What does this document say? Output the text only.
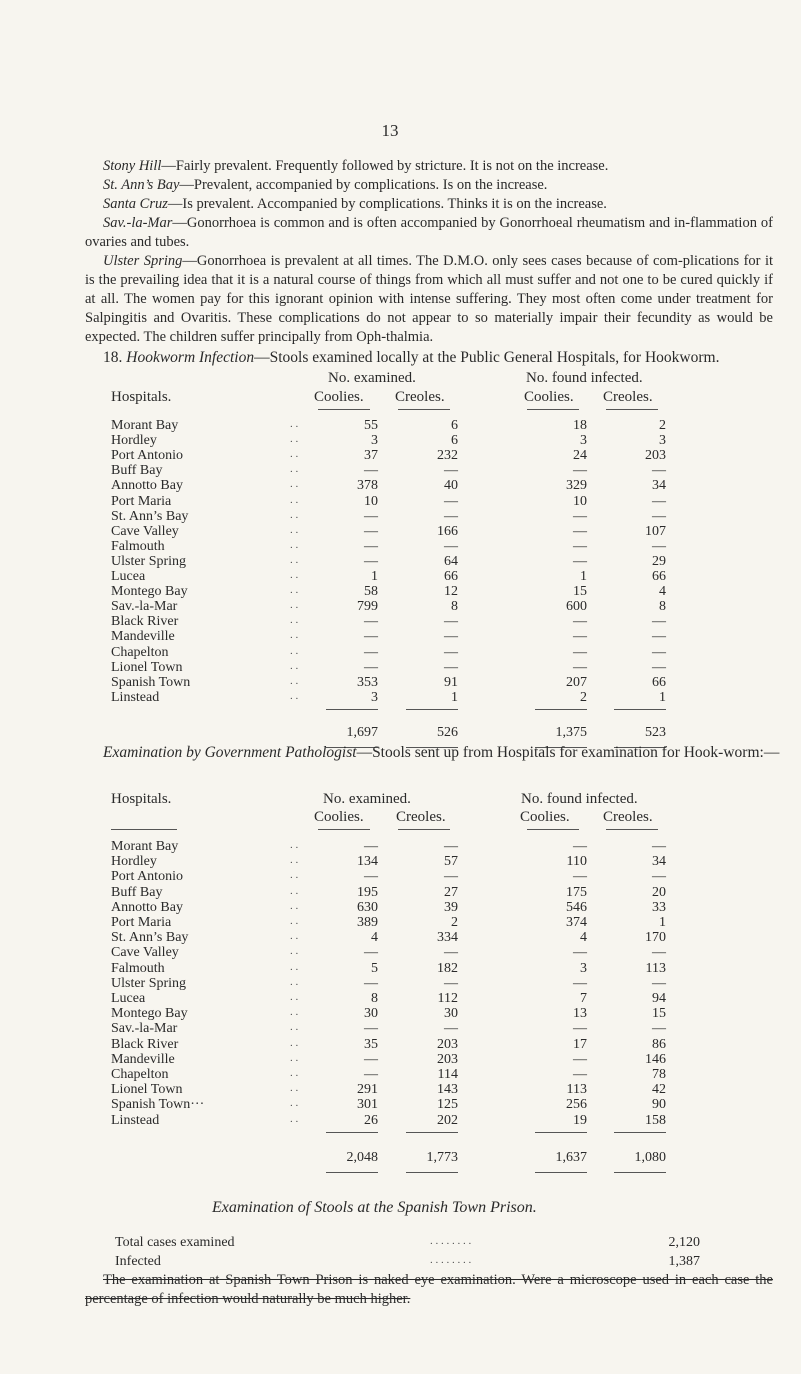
13
Stony Hill—Fairly prevalent. Frequently followed by stricture. It is not on the increase.
St. Ann’s Bay—Prevalent, accompanied by complications. Is on the increase.
Santa Cruz—Is prevalent. Accompanied by complications. Thinks it is on the increase.
Sav.-la-Mar—Gonorrhoea is common and is often accompanied by Gonorrhoeal rheumatism and in-flammation of ovaries and tubes.
Ulster Spring—Gonorrhoea is prevalent at all times. The D.M.O. only sees cases because of com-plications for it is the prevailing idea that it is a natural course of things from which all must suffer and not one to be cured quickly if at all. The women pay for this ignorant opinion with intense suffering. They most often come under treatment for Salpingitis and Ovaritis. These complications do not appear to so materially impair their fecundity as would be expected. The children suffer principally from Oph-thalmia.
18. Hookworm Infection—Stools examined locally at the Public General Hospitals, for Hookworm.
No. examined.	No. found infected.
Hospitals.	Coolies. Creoles.	Coolies. Creoles.
Morant Bay	. .	55	6	18	2
Hordley	. .	3	6	3	3
Port Antonio	. .	37	232	24	203
Buff Bay	. .	—	—	—	—
Annotto Bay	. .	378	40	329	34
Port Maria	. .	10	—	10	—
St. Ann’s Bay	. .	—	—	—	—
Cave Valley	. .	—	166	—	107
Falmouth	. .	—	—	—	—
Ulster Spring	. .	—	64	—	29
Lucea	. .	1	66	1	66
Montego Bay	. .	58	12	15	4
Sav.-la-Mar	. .	799	8	600	8
Black River	. .	—	—	—	—
Mandeville	. .	—	—	—	—
Chapelton	. .	—	—	—	—
Lionel Town	. .	—	—	—	—
Spanish Town	. .	353	91	207	66
Linstead	. .	3	1	2	1
1,697	526	1,375	523
Examination by Government Pathologist—Stools sent up from Hospitals for examination for Hook-worm:—
Hospitals.	No. examined.	No. found infected.
Coolies. Creoles.	Coolies. Creoles.
Morant Bay	. .	—	—	—	—
Hordley	. .	134	57	110	34
Port Antonio	. .	—	—	—	—
Buff Bay	. .	195	27	175	20
Annotto Bay	. .	630	39	546	33
Port Maria	. .	389	2	374	1
St. Ann’s Bay	. .	4	334	4	170
Cave Valley	. .	—	—	—	—
Falmouth	. .	5	182	3	113
Ulster Spring	. .	—	—	—	—
Lucea	. .	8	112	7	94
Montego Bay	. .	30	30	13	15
Sav.-la-Mar	. .	—	—	—	—
Black River	. .	35	203	17	86
Mandeville	. .	—	203	—	146
Chapelton	. .	—	114	—	78
Lionel Town	. .	291	143	113	42
Spanish Town···	. .	301	125	256	90
Linstead	. .	26	202	19	158
2,048	1,773	1,637	1,080
Examination of Stools at the Spanish Town Prison.
Total cases examined	. . . . . . . .	2,120
Infected	. . . . . . . .	1,387
The examination at Spanish Town Prison is naked eye examination. Were a microscope used in each case the percentage of infection would naturally be much higher.
